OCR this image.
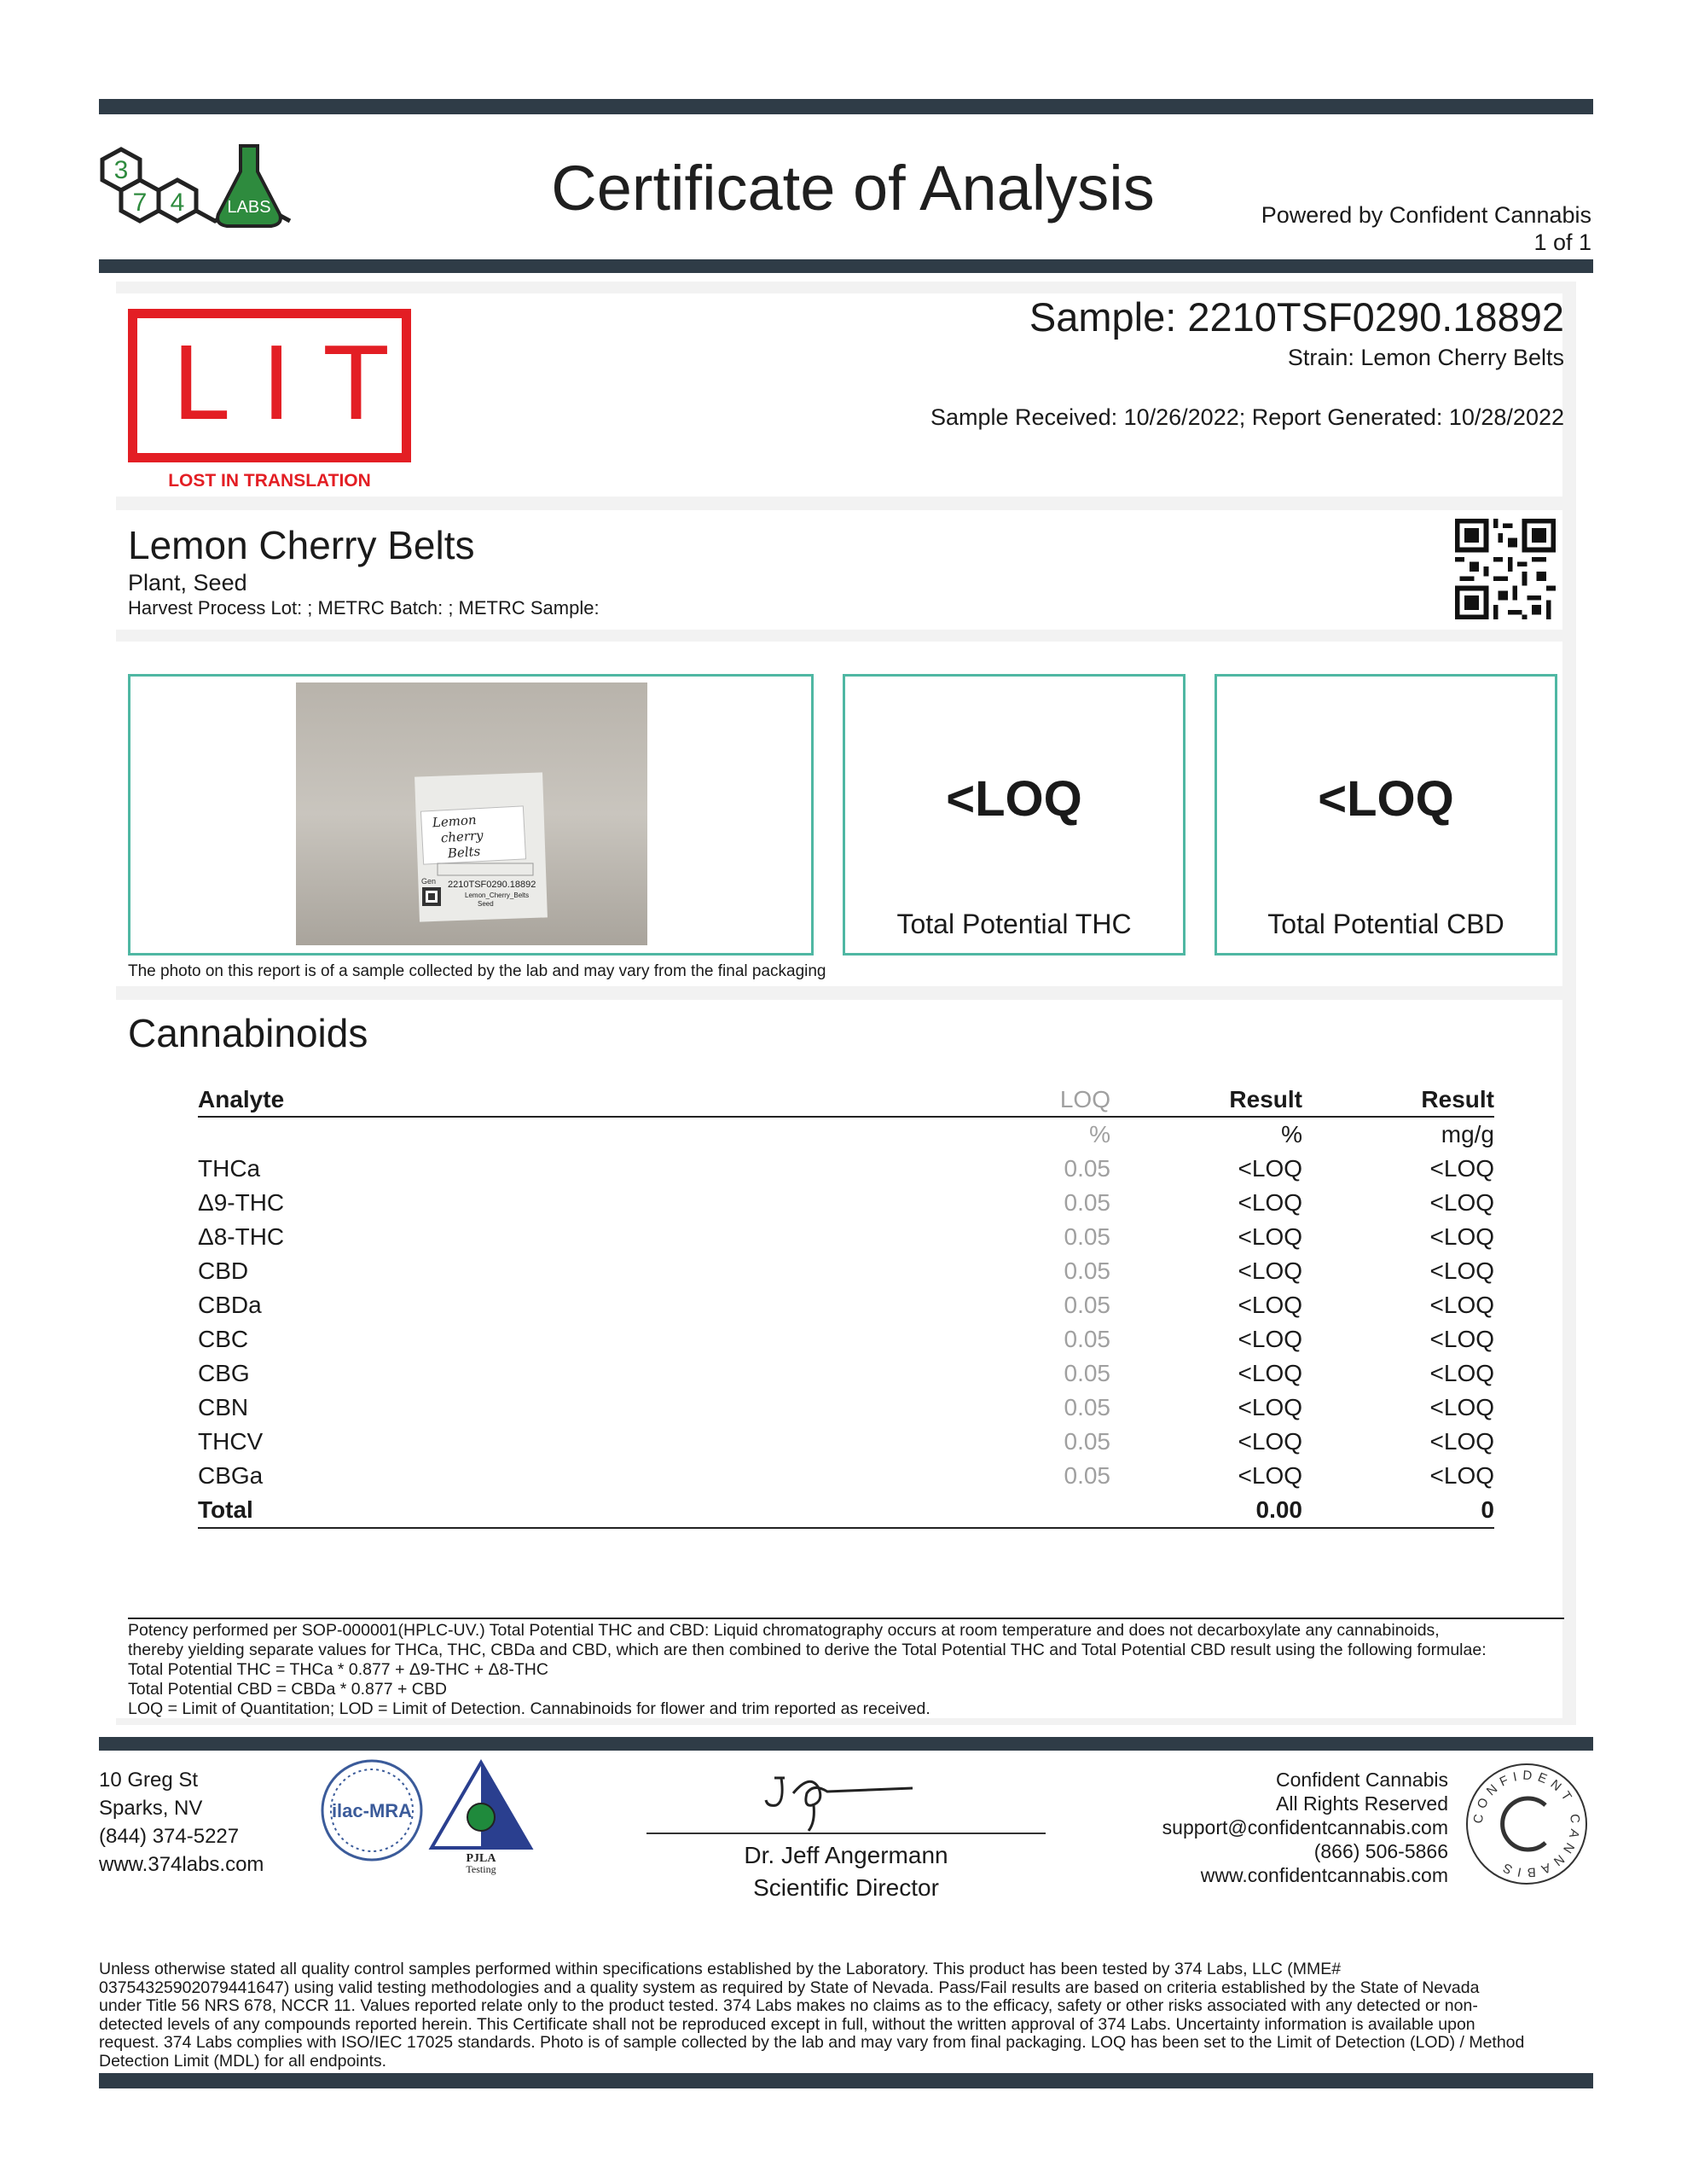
3
7 4	LABS	Certificate of Analysis	Powered by Confident Cannabis
1 of 1
LIT
LOST IN TRANSLATION
Sample: 2210TSF0290.18892
Strain: Lemon Cherry Belts
Sample Received: 10/26/2022; Report Generated: 10/28/2022
Lemon Cherry Belts
Plant, Seed
Harvest Process Lot: ; METRC Batch: ; METRC Sample:
Lemon
cherry
Belts
Gen 2210TSF0290.18892
Lemon_Cherry_Belts
Seed
<LOQ
Total Potential THC
<LOQ
Total Potential CBD
The photo on this report is of a sample collected by the lab and may vary from the final packaging
Cannabinoids
Analyte	LOQ	Result	Result
	%	%	mg/g
THCa	0.05	<LOQ	<LOQ
Δ9-THC	0.05	<LOQ	<LOQ
Δ8-THC	0.05	<LOQ	<LOQ
CBD	0.05	<LOQ	<LOQ
CBDa	0.05	<LOQ	<LOQ
CBC	0.05	<LOQ	<LOQ
CBG	0.05	<LOQ	<LOQ
CBN	0.05	<LOQ	<LOQ
THCV	0.05	<LOQ	<LOQ
CBGa	0.05	<LOQ	<LOQ
Total		0.00	0
Potency performed per SOP-000001(HPLC-UV.) Total Potential THC and CBD: Liquid chromatography occurs at room temperature and does not decarboxylate any cannabinoids,
thereby yielding separate values for THCa, THC, CBDa and CBD, which are then combined to derive the Total Potential THC and Total Potential CBD result using the following formulae:
Total Potential THC = THCa * 0.877 + Δ9-THC + Δ8-THC
Total Potential CBD = CBDa * 0.877 + CBD
LOQ = Limit of Quantitation; LOD = Limit of Detection. Cannabinoids for flower and trim reported as received.
10 Greg St
Sparks, NV
(844) 374-5227
www.374labs.com
ilac-MRA
PJLA
Testing
Dr. Jeff Angermann
Scientific Director
Confident Cannabis
All Rights Reserved
support@confidentcannabis.com
(866) 506-5866
www.confidentcannabis.com
CONFIDENT CANNABIS
Unless otherwise stated all quality control samples performed within specifications established by the Laboratory. This product has been tested by 374 Labs, LLC (MME#
03754325902079441647) using valid testing methodologies and a quality system as required by State of Nevada. Pass/Fail results are based on criteria established by the State of Nevada
under Title 56 NRS 678, NCCR 11. Values reported relate only to the product tested. 374 Labs makes no claims as to the efficacy, safety or other risks associated with any detected or non-
detected levels of any compounds reported herein. This Certificate shall not be reproduced except in full, without the written approval of 374 Labs. Uncertainty information is available upon
request. 374 Labs complies with ISO/IEC 17025 standards. Photo is of sample collected by the lab and may vary from final packaging. LOQ has been set to the Limit of Detection (LOD) / Method
Detection Limit (MDL) for all endpoints.
